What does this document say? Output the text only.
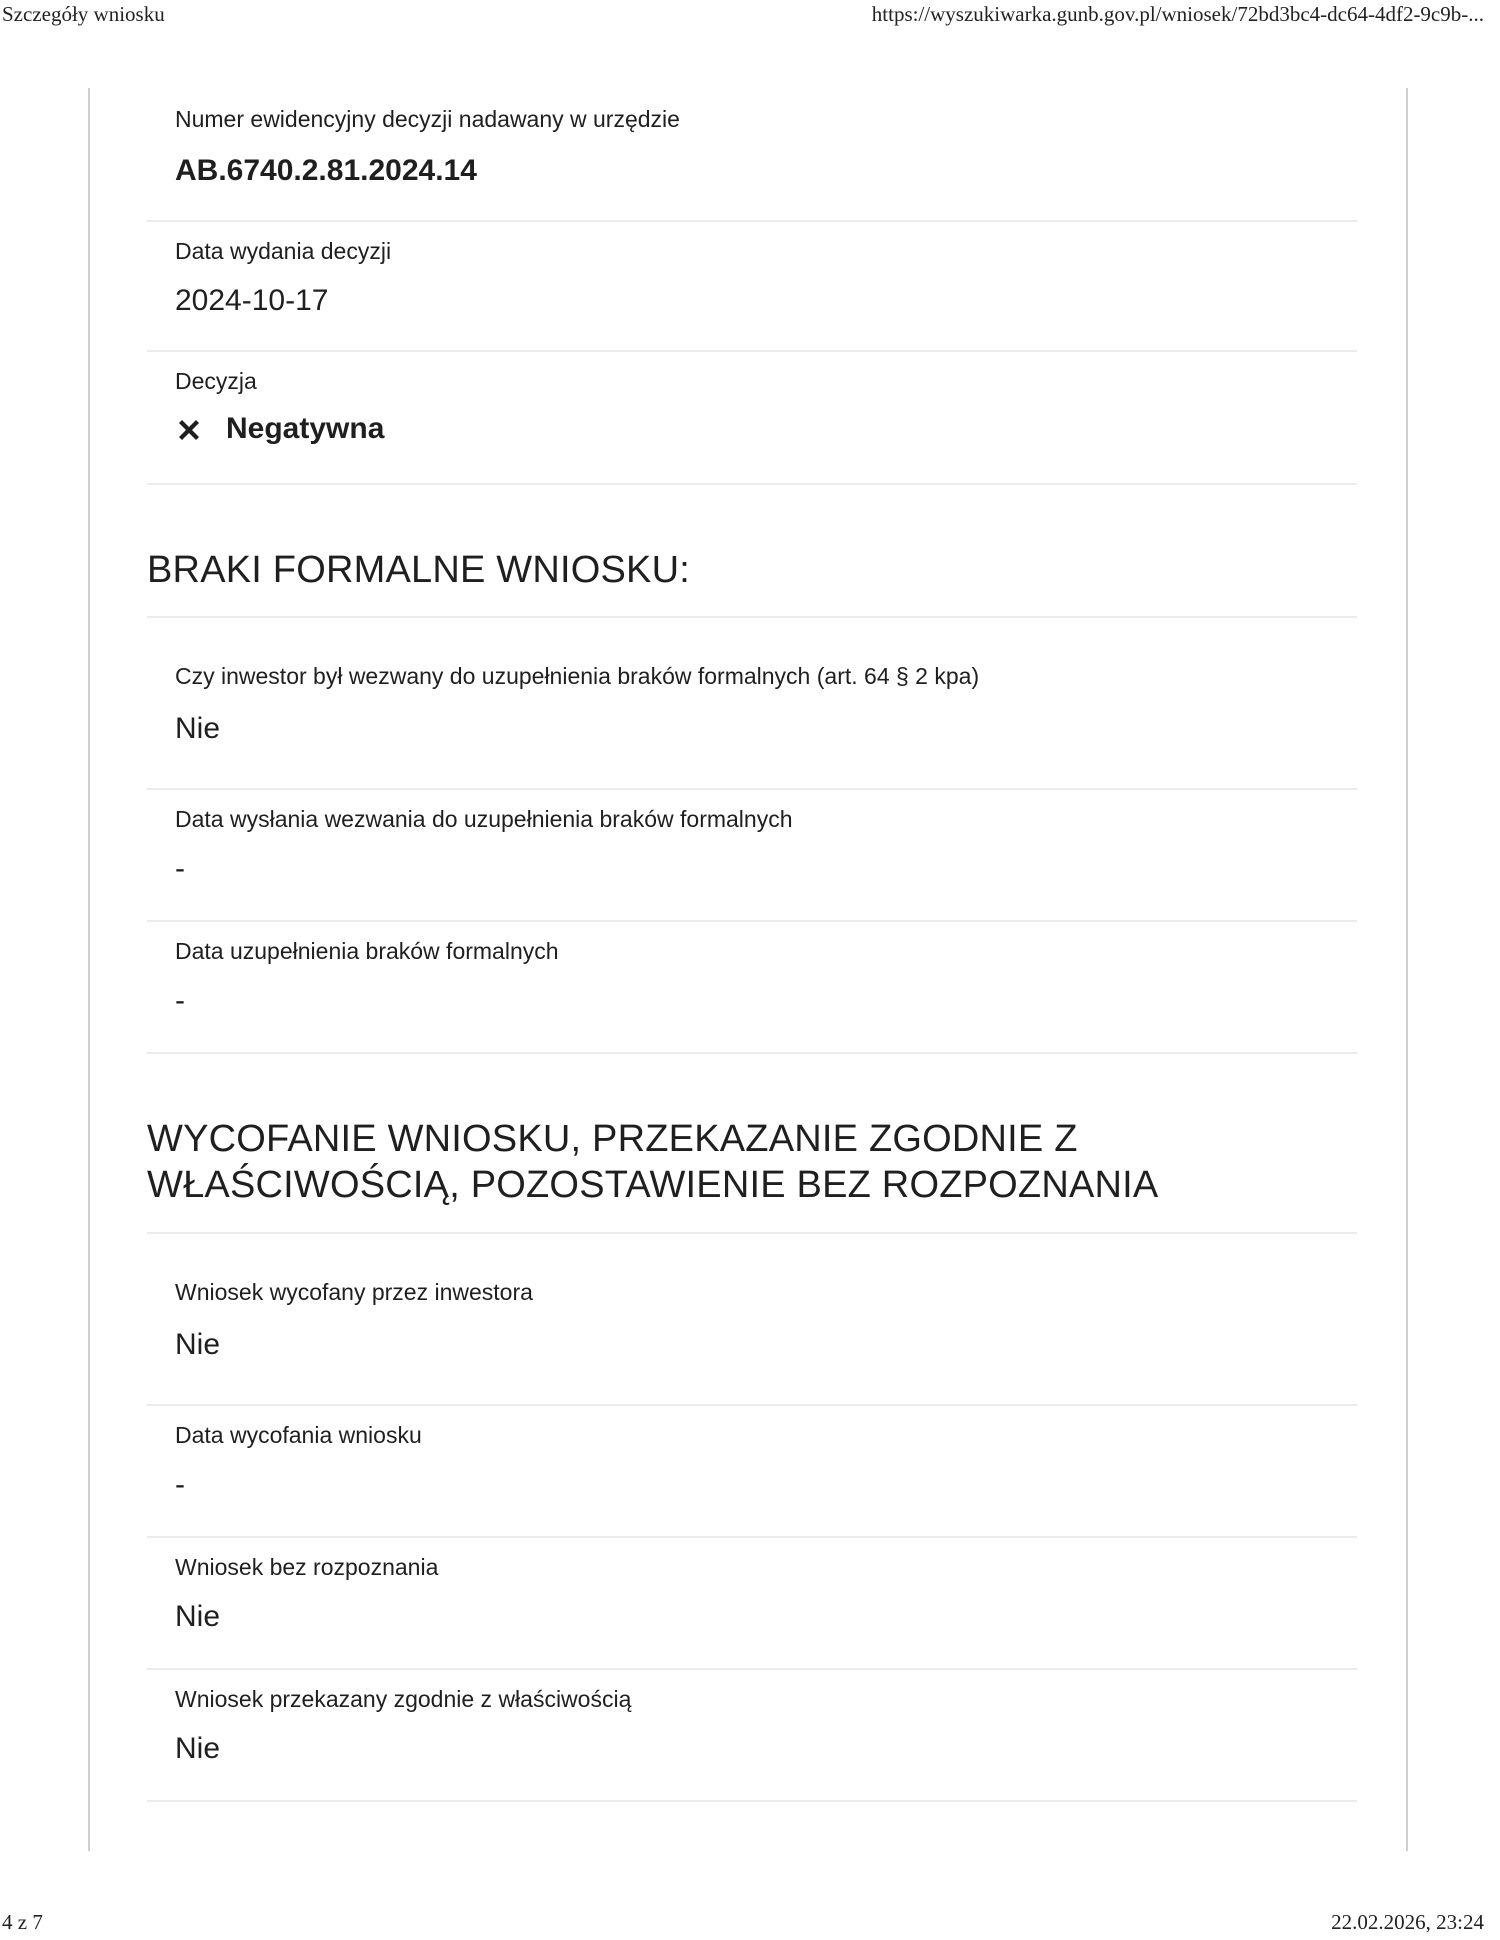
Szczegóły wniosku	https://wyszukiwarka.gunb.gov.pl/wniosek/72bd3bc4-dc64-4df2-9c9b-...
Numer ewidencyjny decyzji nadawany w urzędzie
AB.6740.2.81.2024.14
Data wydania decyzji
2024-10-17
Decyzja
Negatywna
BRAKI FORMALNE WNIOSKU:
Czy inwestor był wezwany do uzupełnienia braków formalnych (art. 64 § 2 kpa)
Nie
Data wysłania wezwania do uzupełnienia braków formalnych
-
Data uzupełnienia braków formalnych
-
WYCOFANIE WNIOSKU, PRZEKAZANIE ZGODNIE Z
WŁAŚCIWOŚCIĄ, POZOSTAWIENIE BEZ ROZPOZNANIA
Wniosek wycofany przez inwestora
Nie
Data wycofania wniosku
-
Wniosek bez rozpoznania
Nie
Wniosek przekazany zgodnie z właściwością
Nie
4 z 7	22.02.2026, 23:24
